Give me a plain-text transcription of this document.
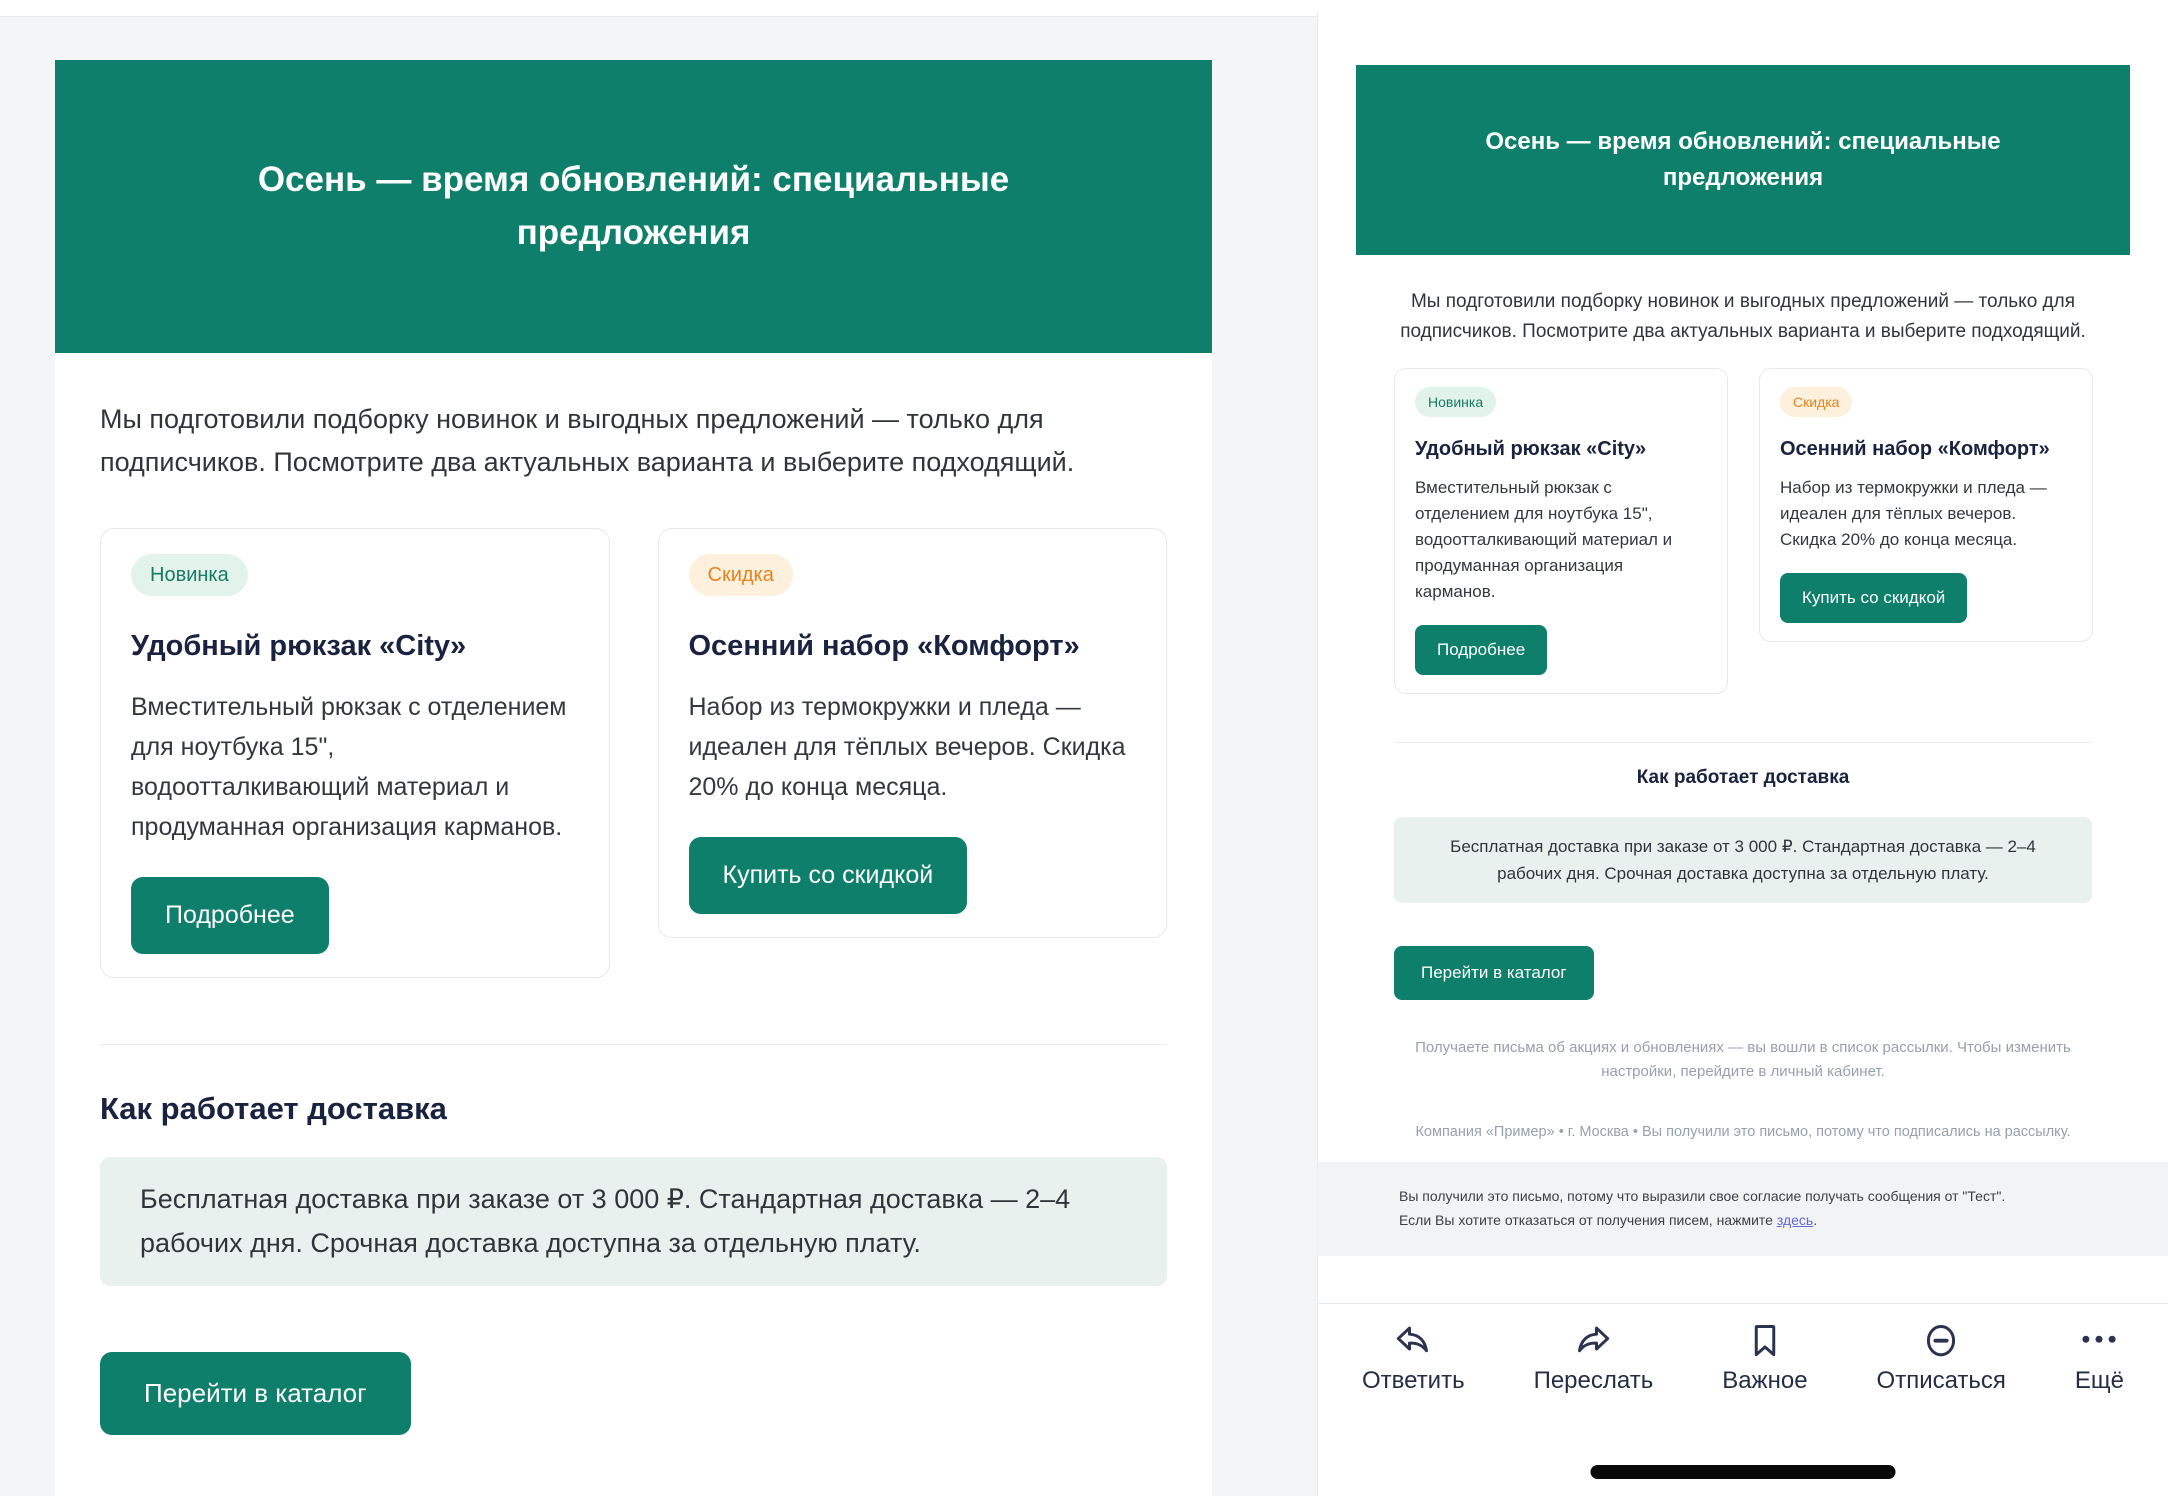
Осень — время обновлений: специальные предложения

Мы подготовили подборку новинок и выгодных предложений — только для подписчиков. Посмотрите два актуальных варианта и выберите подходящий.

Новинка
Удобный рюкзак «City»

Вместительный рюкзак с отделением для ноутбука 15", водоотталкивающий материал и продуманная организация карманов.

Подробнее
Скидка
Осенний набор «Комфорт»

Набор из термокружки и пледа — идеален для тёплых вечеров. Скидка 20% до конца месяца.

Купить со скидкой
Как работает доставка

Бесплатная доставка при заказе от 3 000 ₽. Стандартная доставка — 2–4 рабочих дня. Срочная доставка доступна за отдельную плату.

Перейти в каталог
Осень — время обновлений: специальные предложения

Мы подготовили подборку новинок и выгодных предложений — только для подписчиков. Посмотрите два актуальных варианта и выберите подходящий.

Новинка
Удобный рюкзак «City»

Вместительный рюкзак с отделением для ноутбука 15", водоотталкивающий материал и продуманная организация карманов.

Подробнее
Скидка
Осенний набор «Комфорт»

Набор из термокружки и пледа — идеален для тёплых вечеров. Скидка 20% до конца месяца.

Купить со скидкой
Как работает доставка

Бесплатная доставка при заказе от 3 000 ₽. Стандартная доставка — 2–4 рабочих дня. Срочная доставка доступна за отдельную плату.

Перейти в каталог

Получаете письма об акциях и обновлениях — вы вошли в список рассылки. Чтобы изменить настройки, перейдите в личный кабинет.

Компания «Пример» • г. Москва • Вы получили это письмо, потому что подписались на рассылку.

Вы получили это письмо, потому что выразили свое согласие получать сообщения от "Тест".
Если Вы хотите отказаться от получения писем, нажмите здесь.

Ответить	Переслать	Важное	Отписаться	Ещё
